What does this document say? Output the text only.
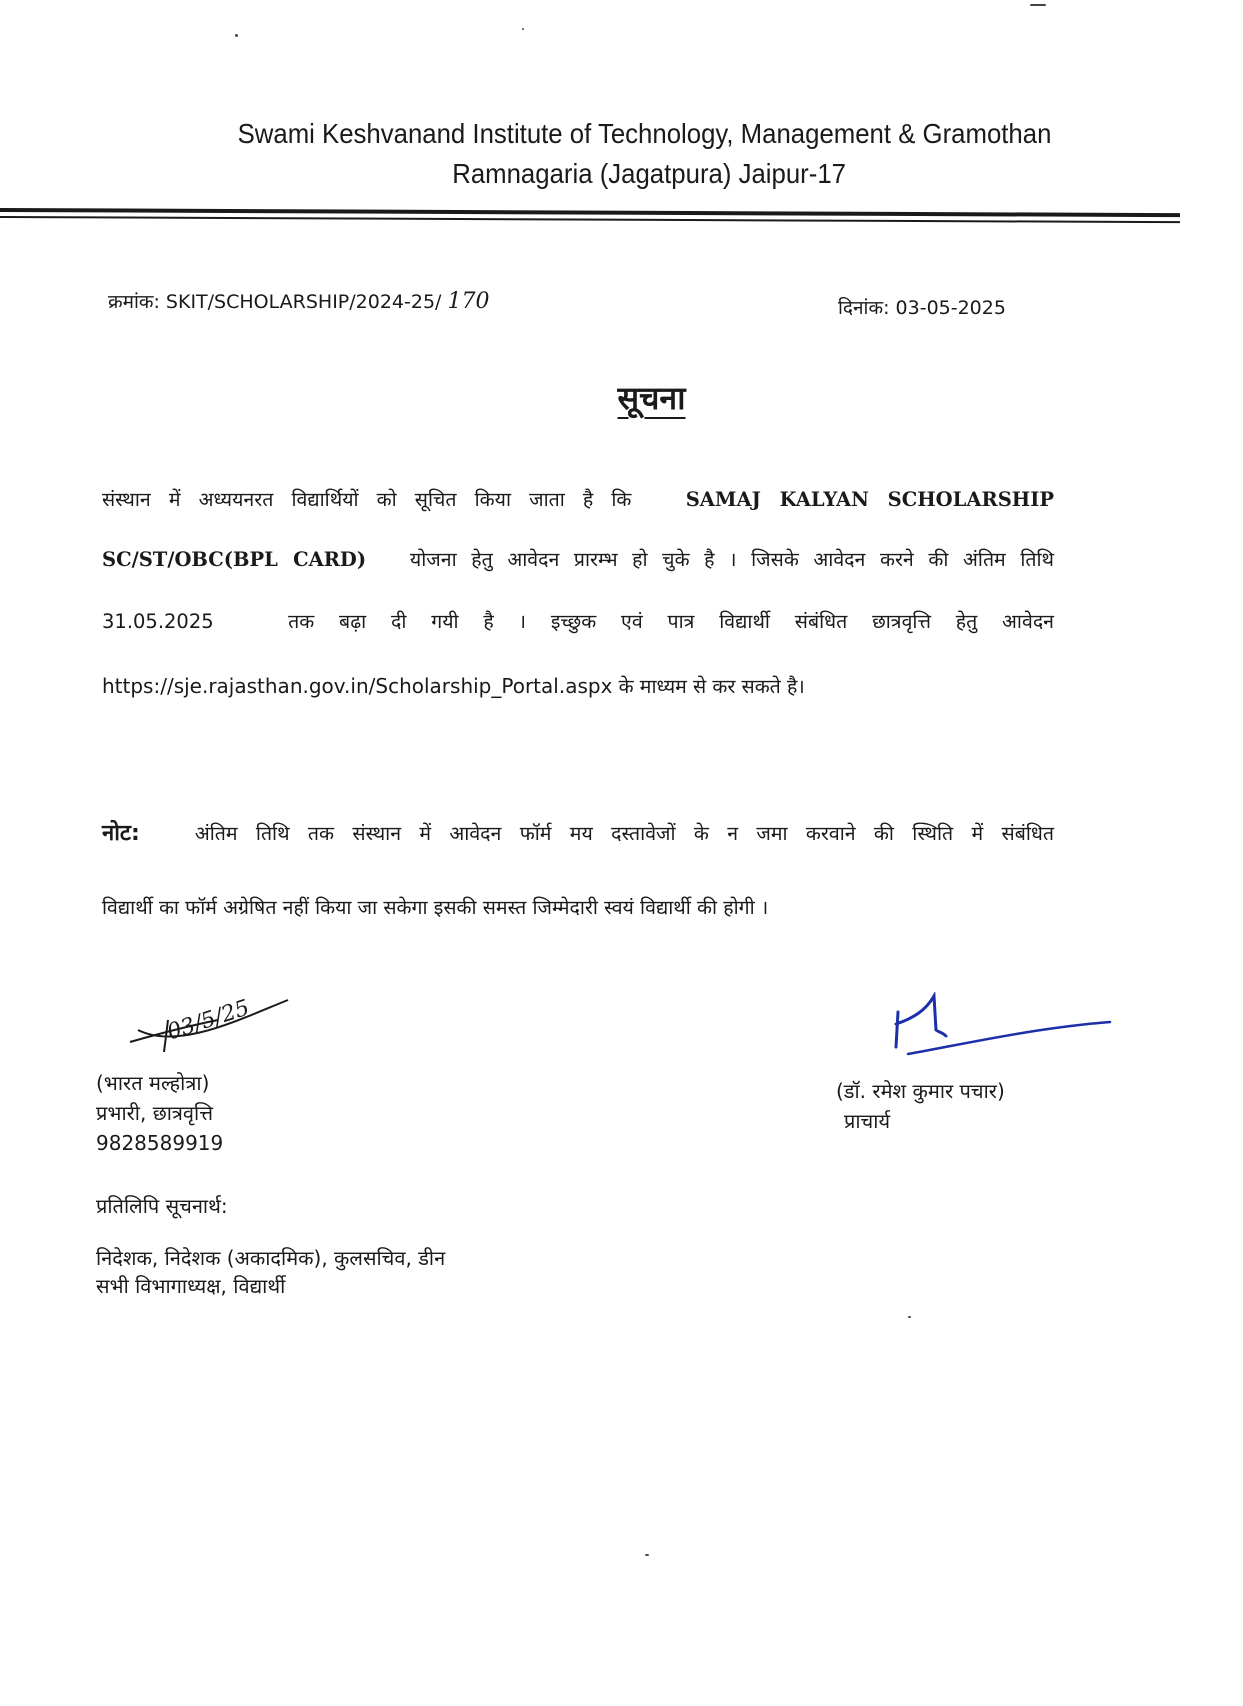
Swami Keshvanand Institute of Technology, Management & Gramothan
Ramnagaria (Jagatpura) Jaipur-17
क्रमांक: SKIT/SCHOLARSHIP/2024-25/ 170	दिनांक: 03-05-2025
सूचना
संस्थान में अध्ययनरत विद्यार्थियों को सूचित किया जाता है कि	SAMAJ KALYAN SCHOLARSHIP
SC/ST/OBC(BPL CARD) योजना हेतु आवेदन प्रारम्भ हो चुके है । जिसके आवेदन करने की अंतिम तिथि
31.05.2025	तक बढ़ा दी गयी है । इच्छुक एवं पात्र विद्यार्थी संबंधित छात्रवृत्ति हेतु आवेदन
https://sje.rajasthan.gov.in/Scholarship_Portal.aspx के माध्यम से कर सकते है।
नोट:	अंतिम तिथि तक संस्थान में आवेदन फॉर्म मय दस्तावेजों के न जमा करवाने की स्थिति में संबंधित
विद्यार्थी का फॉर्म अग्रेषित नहीं किया जा सकेगा इसकी समस्त जिम्मेदारी स्वयं विद्यार्थी की होगी ।
03/5/25
(भारत मल्होत्रा)
प्रभारी, छात्रवृत्ति
9828589919
(डॉ. रमेश कुमार पचार)
प्राचार्य
प्रतिलिपि सूचनार्थ:
निदेशक, निदेशक (अकादमिक), कुलसचिव, डीन
सभी विभागाध्यक्ष, विद्यार्थी
